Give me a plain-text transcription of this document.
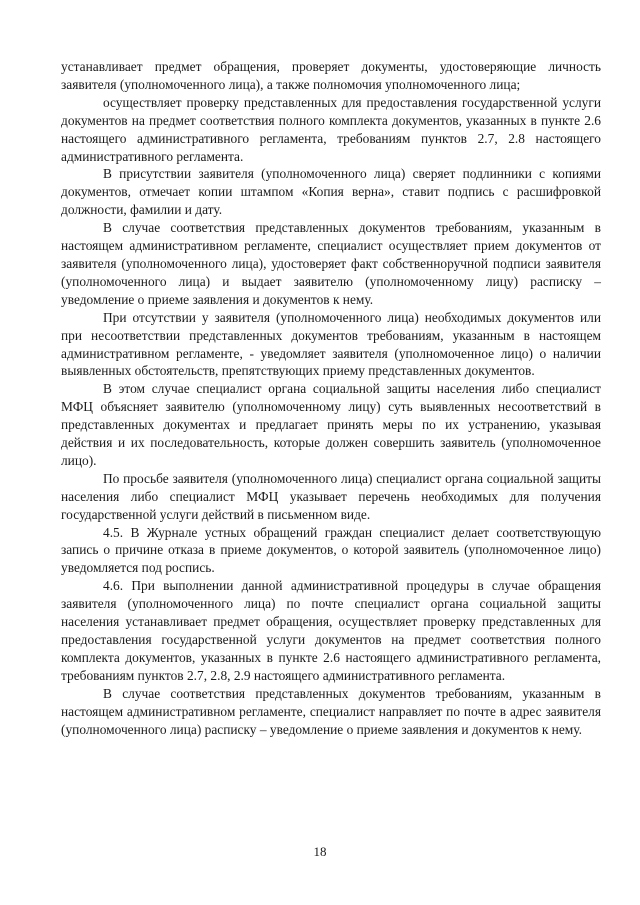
устанавливает предмет обращения, проверяет документы, удостоверяющие личность заявителя (уполномоченного лица), а также полномочия уполномоченного лица;

осуществляет проверку представленных для предоставления государственной услуги документов на предмет соответствия полного комплекта документов, указанных в пункте 2.6 настоящего административного регламента, требованиям пунктов 2.7, 2.8 настоящего административного регламента.

В присутствии заявителя (уполномоченного лица) сверяет подлинники с копиями документов, отмечает копии штампом «Копия верна», ставит подпись с расшифровкой должности, фамилии и дату.

В случае соответствия представленных документов требованиям, указанным в настоящем административном регламенте, специалист осуществляет прием документов от заявителя (уполномоченного лица), удостоверяет факт собственноручной подписи заявителя (уполномоченного лица) и выдает заявителю (уполномоченному лицу) расписку – уведомление о приеме заявления и документов к нему.

При отсутствии у заявителя (уполномоченного лица) необходимых документов или при несоответствии представленных документов требованиям, указанным в настоящем административном регламенте, - уведомляет заявителя (уполномоченное лицо) о наличии выявленных обстоятельств, препятствующих приему представленных документов.

В этом случае специалист органа социальной защиты населения либо специалист МФЦ объясняет заявителю (уполномоченному лицу) суть выявленных несоответствий в представленных документах и предлагает принять меры по их устранению, указывая действия и их последовательность, которые должен совершить заявитель (уполномоченное лицо).

По просьбе заявителя (уполномоченного лица) специалист органа социальной защиты населения либо специалист МФЦ указывает перечень необходимых для получения государственной услуги действий в письменном виде.

4.5. В Журнале устных обращений граждан специалист делает соответствующую запись о причине отказа в приеме документов, о которой заявитель (уполномоченное лицо) уведомляется под роспись.

4.6. При выполнении данной административной процедуры в случае обращения заявителя (уполномоченного лица) по почте специалист органа социальной защиты населения устанавливает предмет обращения, осуществляет проверку представленных для предоставления государственной услуги документов на предмет соответствия полного комплекта документов, указанных в пункте 2.6 настоящего административного регламента, требованиям пунктов 2.7, 2.8, 2.9 настоящего административного регламента.

В случае соответствия представленных документов требованиям, указанным в настоящем административном регламенте, специалист направляет по почте в адрес заявителя (уполномоченного лица) расписку – уведомление о приеме заявления и документов к нему.

18
